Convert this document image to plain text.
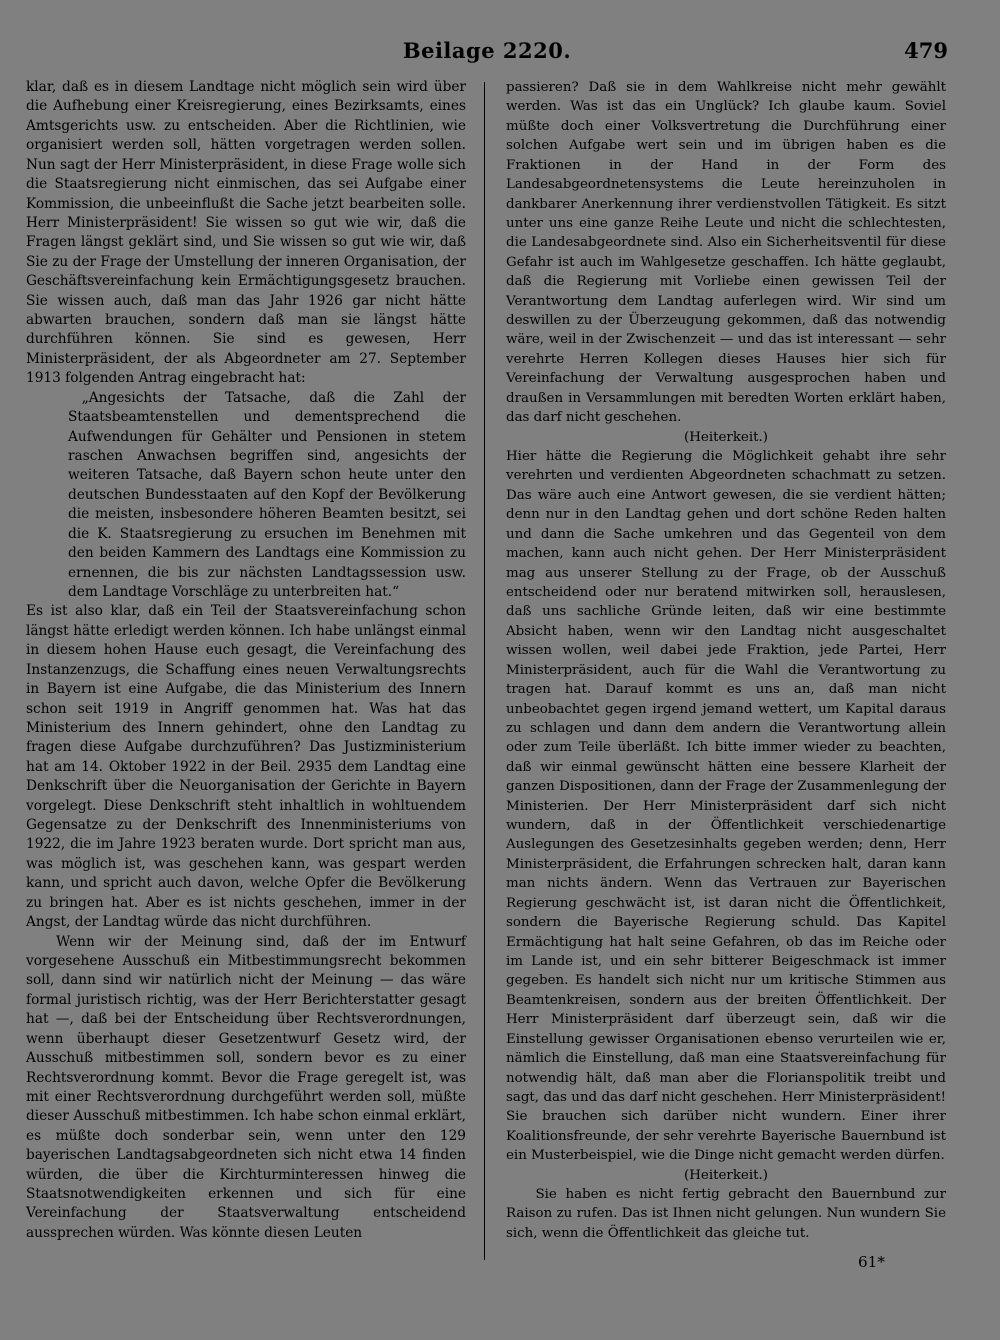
Beilage 2220.	479

klar, daß es in diesem Landtage nicht möglich sein wird über die Aufhebung einer Kreisregierung, eines Bezirksamts, eines Amtsgerichts usw. zu entscheiden. Aber die Richtlinien, wie organisiert werden soll, hätten vorgetragen werden sollen. Nun sagt der Herr Ministerpräsident, in diese Frage wolle sich die Staatsregierung nicht einmischen, das sei Aufgabe einer Kommission, die unbeeinflußt die Sache jetzt bearbeiten solle. Herr Ministerpräsident! Sie wissen so gut wie wir, daß die Fragen längst geklärt sind, und Sie wissen so gut wie wir, daß Sie zu der Frage der Umstellung der inneren Organisation, der Geschäftsvereinfachung kein Ermächtigungsgesetz brauchen. Sie wissen auch, daß man das Jahr 1926 gar nicht hätte abwarten brauchen, sondern daß man sie längst hätte durchführen können. Sie sind es gewesen, Herr Ministerpräsident, der als Abgeordneter am 27. September 1913 folgenden Antrag eingebracht hat:

„Angesichts der Tatsache, daß die Zahl der Staatsbeamtenstellen und dementsprechend die Aufwendungen für Gehälter und Pensionen in stetem raschen Anwachsen begriffen sind, angesichts der weiteren Tatsache, daß Bayern schon heute unter den deutschen Bundesstaaten auf den Kopf der Bevölkerung die meisten, insbesondere höheren Beamten besitzt, sei die K. Staatsregierung zu ersuchen im Benehmen mit den beiden Kammern des Landtags eine Kommission zu ernennen, die bis zur nächsten Landtagssession usw. dem Landtage Vorschläge zu unterbreiten hat.“

Es ist also klar, daß ein Teil der Staatsvereinfachung schon längst hätte erledigt werden können. Ich habe unlängst einmal in diesem hohen Hause euch gesagt, die Vereinfachung des Instanzenzugs, die Schaffung eines neuen Verwaltungsrechts in Bayern ist eine Aufgabe, die das Ministerium des Innern schon seit 1919 in Angriff genommen hat. Was hat das Ministerium des Innern gehindert, ohne den Landtag zu fragen diese Aufgabe durchzuführen? Das Justizministerium hat am 14. Oktober 1922 in der Beil. 2935 dem Landtag eine Denkschrift über die Neuorganisation der Gerichte in Bayern vorgelegt. Diese Denkschrift steht inhaltlich in wohltuendem Gegensatze zu der Denkschrift des Innenministeriums von 1922, die im Jahre 1923 beraten wurde. Dort spricht man aus, was möglich ist, was geschehen kann, was gespart werden kann, und spricht auch davon, welche Opfer die Bevölkerung zu bringen hat. Aber es ist nichts geschehen, immer in der Angst, der Landtag würde das nicht durchführen.

Wenn wir der Meinung sind, daß der im Entwurf vorgesehene Ausschuß ein Mitbestimmungsrecht bekommen soll, dann sind wir natürlich nicht der Meinung — das wäre formal juristisch richtig, was der Herr Berichterstatter gesagt hat —, daß bei der Entscheidung über Rechtsverordnungen, wenn überhaupt dieser Gesetzentwurf Gesetz wird, der Ausschuß mitbestimmen soll, sondern bevor es zu einer Rechtsverordnung kommt. Bevor die Frage geregelt ist, was mit einer Rechtsverordnung durchgeführt werden soll, müßte dieser Ausschuß mitbestimmen. Ich habe schon einmal erklärt, es müßte doch sonderbar sein, wenn unter den 129 bayerischen Landtagsabgeordneten sich nicht etwa 14 finden würden, die über die Kirchturminteressen hinweg die Staatsnotwendigkeiten erkennen und sich für eine Vereinfachung der Staatsverwaltung entscheidend aussprechen würden. Was könnte diesen Leuten

passieren? Daß sie in dem Wahlkreise nicht mehr gewählt werden. Was ist das ein Unglück? Ich glaube kaum. Soviel müßte doch einer Volksvertretung die Durchführung einer solchen Aufgabe wert sein und im übrigen haben es die Fraktionen in der Hand in der Form des Landesabgeordnetensystems die Leute hereinzuholen in dankbarer Anerkennung ihrer verdienstvollen Tätigkeit. Es sitzt unter uns eine ganze Reihe Leute und nicht die schlechtesten, die Landesabgeordnete sind. Also ein Sicherheitsventil für diese Gefahr ist auch im Wahlgesetze geschaffen. Ich hätte geglaubt, daß die Regierung mit Vorliebe einen gewissen Teil der Verantwortung dem Landtag auferlegen wird. Wir sind um deswillen zu der Überzeugung gekommen, daß das notwendig wäre, weil in der Zwischenzeit — und das ist interessant — sehr verehrte Herren Kollegen dieses Hauses hier sich für Vereinfachung der Verwaltung ausgesprochen haben und draußen in Versammlungen mit beredten Worten erklärt haben, das darf nicht geschehen.

(Heiterkeit.)

Hier hätte die Regierung die Möglichkeit gehabt ihre sehr verehrten und verdienten Abgeordneten schachmatt zu setzen. Das wäre auch eine Antwort gewesen, die sie verdient hätten; denn nur in den Landtag gehen und dort schöne Reden halten und dann die Sache umkehren und das Gegenteil von dem machen, kann auch nicht gehen. Der Herr Ministerpräsident mag aus unserer Stellung zu der Frage, ob der Ausschuß entscheidend oder nur beratend mitwirken soll, herauslesen, daß uns sachliche Gründe leiten, daß wir eine bestimmte Absicht haben, wenn wir den Landtag nicht ausgeschaltet wissen wollen, weil dabei jede Fraktion, jede Partei, Herr Ministerpräsident, auch für die Wahl die Verantwortung zu tragen hat. Darauf kommt es uns an, daß man nicht unbeobachtet gegen irgend jemand wettert, um Kapital daraus zu schlagen und dann dem andern die Verantwortung allein oder zum Teile überläßt. Ich bitte immer wieder zu beachten, daß wir einmal gewünscht hätten eine bessere Klarheit der ganzen Dispositionen, dann der Frage der Zusammenlegung der Ministerien. Der Herr Ministerpräsident darf sich nicht wundern, daß in der Öffentlichkeit verschiedenartige Auslegungen des Gesetzesinhalts gegeben werden; denn, Herr Ministerpräsident, die Erfahrungen schrecken halt, daran kann man nichts ändern. Wenn das Vertrauen zur Bayerischen Regierung geschwächt ist, ist daran nicht die Öffentlichkeit, sondern die Bayerische Regierung schuld. Das Kapitel Ermächtigung hat halt seine Gefahren, ob das im Reiche oder im Lande ist, und ein sehr bitterer Beigeschmack ist immer gegeben. Es handelt sich nicht nur um kritische Stimmen aus Beamtenkreisen, sondern aus der breiten Öffentlichkeit. Der Herr Ministerpräsident darf überzeugt sein, daß wir die Einstellung gewisser Organisationen ebenso verurteilen wie er, nämlich die Einstellung, daß man eine Staatsvereinfachung für notwendig hält, daß man aber die Florianspolitik treibt und sagt, das und das darf nicht geschehen. Herr Ministerpräsident! Sie brauchen sich darüber nicht wundern. Einer ihrer Koalitionsfreunde, der sehr verehrte Bayerische Bauernbund ist ein Musterbeispiel, wie die Dinge nicht gemacht werden dürfen.

(Heiterkeit.)

Sie haben es nicht fertig gebracht den Bauernbund zur Raison zu rufen. Das ist Ihnen nicht gelungen. Nun wundern Sie sich, wenn die Öffentlichkeit das gleiche tut.

61*
